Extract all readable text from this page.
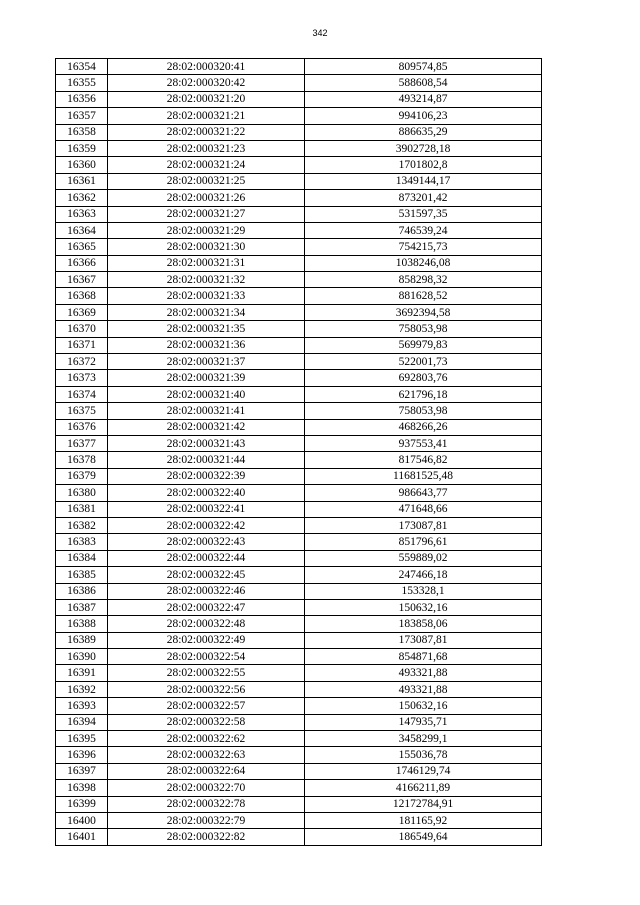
342
16354	28:02:000320:41	809574,85
16355	28:02:000320:42	588608,54
16356	28:02:000321:20	493214,87
16357	28:02:000321:21	994106,23
16358	28:02:000321:22	886635,29
16359	28:02:000321:23	3902728,18
16360	28:02:000321:24	1701802,8
16361	28:02:000321:25	1349144,17
16362	28:02:000321:26	873201,42
16363	28:02:000321:27	531597,35
16364	28:02:000321:29	746539,24
16365	28:02:000321:30	754215,73
16366	28:02:000321:31	1038246,08
16367	28:02:000321:32	858298,32
16368	28:02:000321:33	881628,52
16369	28:02:000321:34	3692394,58
16370	28:02:000321:35	758053,98
16371	28:02:000321:36	569979,83
16372	28:02:000321:37	522001,73
16373	28:02:000321:39	692803,76
16374	28:02:000321:40	621796,18
16375	28:02:000321:41	758053,98
16376	28:02:000321:42	468266,26
16377	28:02:000321:43	937553,41
16378	28:02:000321:44	817546,82
16379	28:02:000322:39	11681525,48
16380	28:02:000322:40	986643,77
16381	28:02:000322:41	471648,66
16382	28:02:000322:42	173087,81
16383	28:02:000322:43	851796,61
16384	28:02:000322:44	559889,02
16385	28:02:000322:45	247466,18
16386	28:02:000322:46	153328,1
16387	28:02:000322:47	150632,16
16388	28:02:000322:48	183858,06
16389	28:02:000322:49	173087,81
16390	28:02:000322:54	854871,68
16391	28:02:000322:55	493321,88
16392	28:02:000322:56	493321,88
16393	28:02:000322:57	150632,16
16394	28:02:000322:58	147935,71
16395	28:02:000322:62	3458299,1
16396	28:02:000322:63	155036,78
16397	28:02:000322:64	1746129,74
16398	28:02:000322:70	4166211,89
16399	28:02:000322:78	12172784,91
16400	28:02:000322:79	181165,92
16401	28:02:000322:82	186549,64
